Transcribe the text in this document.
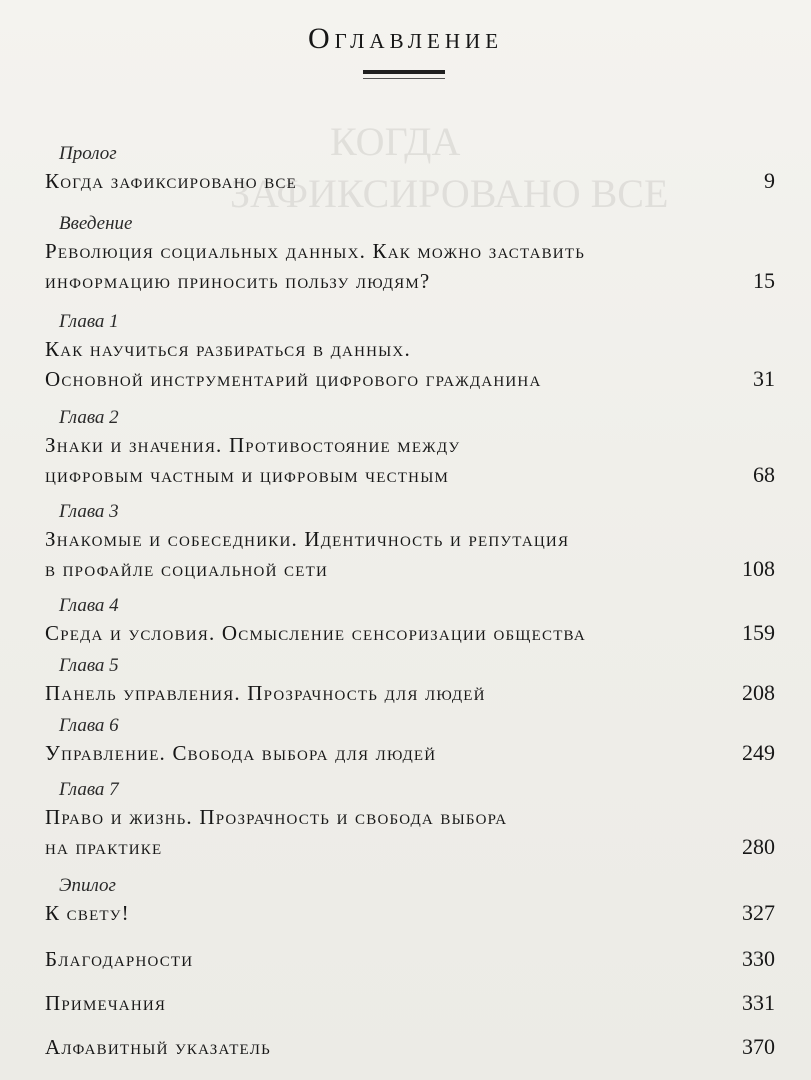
КОГДА
ЗАФИКСИРОВАНО ВСЕ
Оглавление
Пролог
Когда зафиксировано все	9
Введение
Революция социальных данных. Как можно заставить
информацию приносить пользу людям?	15
Глава 1
Как научиться разбираться в данных.
Основной инструментарий цифрового гражданина	31
Глава 2
Знаки и значения. Противостояние между
цифровым частным и цифровым честным	68
Глава 3
Знакомые и собеседники. Идентичность и репутация
в профайле социальной сети	108
Глава 4
Среда и условия. Осмысление сенсоризации общества	159
Глава 5
Панель управления. Прозрачность для людей	208
Глава 6
Управление. Свобода выбора для людей	249
Глава 7
Право и жизнь. Прозрачность и свобода выбора
на практике	280
Эпилог
К свету!	327
Благодарности	330
Примечания	331
Алфавитный указатель	370
